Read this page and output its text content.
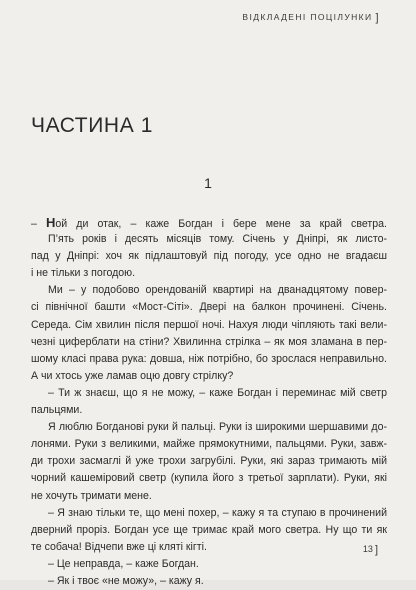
ВІДКЛАДЕНІ ПОЦІЛУНКИ ]
ЧАСТИНА 1
1
– Ной ди отак, – каже Богдан і бере мене за край светра.
П’ять років і десять місяців тому. Січень у Дніпрі, як листо-
пад у Дніпрі: хоч як підлаштовуй під погоду, усе одно не вгадаєш
і не тільки з погодою.
Ми – у подобово орендованій квартирі на дванадцятому повер-
сі північної башти «Мост-Сіті». Двері на балкон прочинені. Січень.
Середа. Сім хвилин після першої ночі. Нахуя люди чіпляють такі вели-
чезні циферблати на стіни? Хвилинна стрілка – як моя зламана в пер-
шому класі права рука: довша, ніж потрібно, бо зрослася неправильно.
А чи хтось уже ламав оцю довгу стрілку?
– Ти ж знаєш, що я не можу, – каже Богдан і переминає мій светр
пальцями.
Я люблю Богданові руки й пальці. Руки із широкими шершавими до-
лонями. Руки з великими, майже прямокутними, пальцями. Руки, завж-
ди трохи засмаглі й уже трохи загрубілі. Руки, які зараз тримають мій
чорний кашеміровий светр (купила його з третьої зарплати). Руки, які
не хочуть тримати мене.
– Я знаю тільки те, що мені похер, – кажу я та ступаю в прочинений
дверний проріз. Богдан усе ще тримає край мого светра. Ну що ти як
те собача! Відчепи вже ці кляті кігті.
– Це неправда, – каже Богдан.
– Як і твоє «не можу», – кажу я.
13 ]
